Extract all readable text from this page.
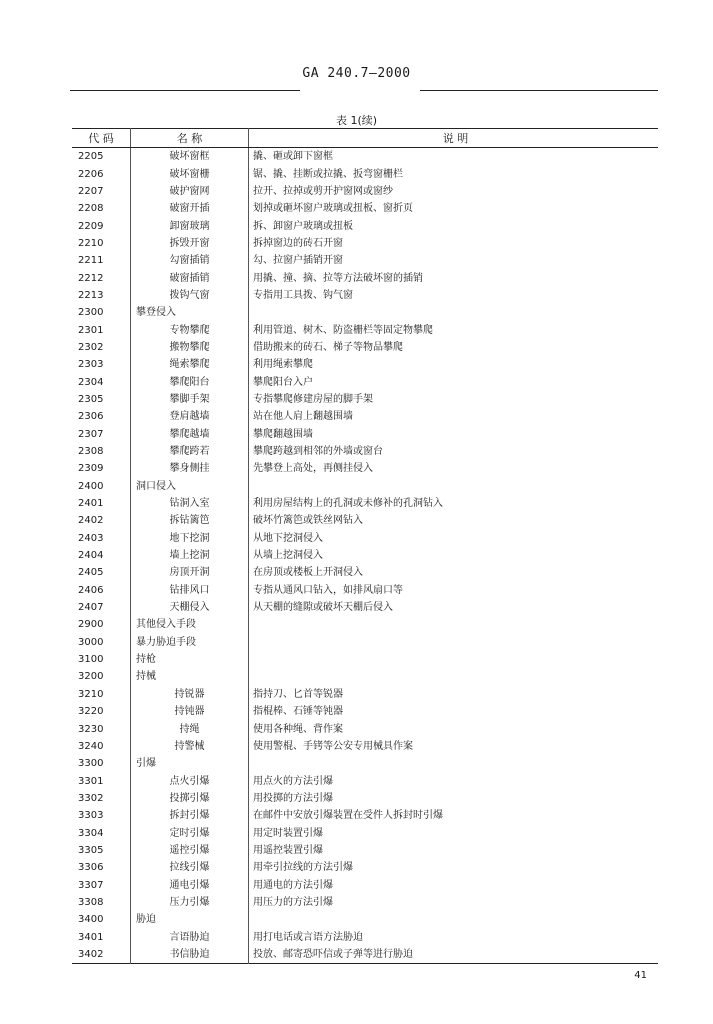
GA 240.7—2000
表 1(续)
代 码	名 称	说 明
2205	破坏窗框	撬、砸或卸下窗框
2206	破坏窗栅	锯、撬、挂断或拉撬、扳弯窗栅栏
2207	破护窗网	拉开、拉掉或剪开护窗网或窗纱
2208	破窗开插	划掉或砸坏窗户玻璃或扭板、窗折页
2209	卸窗玻璃	拆、卸窗户玻璃或扭板
2210	拆毁开窗	拆掉窗边的砖石开窗
2211	勾窗插销	勾、拉窗户插销开窗
2212	破窗插销	用撬、撞、摘、拉等方法破坏窗的插销
2213	拨钩气窗	专指用工具拨、钩气窗
2300	攀登侵入	

2301	专物攀爬	利用管道、树木、防盗栅栏等固定物攀爬
2302	搬物攀爬	借助搬来的砖石、梯子等物品攀爬
2303	绳索攀爬	利用绳索攀爬
2304	攀爬阳台	攀爬阳台入户
2305	攀脚手架	专指攀爬修建房屋的脚手架
2306	登肩越墙	站在他人肩上翻越围墙
2307	攀爬越墙	攀爬翻越围墙
2308	攀爬跨若	攀爬跨越到相邻的外墙或窗台
2309	攀身侧挂	先攀登上高处，再侧挂侵入
2400	洞口侵入	

2401	钻洞入室	利用房屋结构上的孔洞或未修补的孔洞钻入
2402	拆钻篱笆	破坏竹篱笆或铁丝网钻入
2403	地下挖洞	从地下挖洞侵入
2404	墙上挖洞	从墙上挖洞侵入
2405	房顶开洞	在房顶或楼板上开洞侵入
2406	钻排风口	专指从通风口钻入，如排风扇口等
2407	天棚侵入	从天棚的缝隙或破坏天棚后侵入
2900	其他侵入手段	

3000	暴力胁迫手段	

3100	持枪	

3200	持械	

3210	持锐器	指持刀、匕首等锐器
3220	持钝器	指棍棒、石锤等钝器
3230	持绳	使用各种绳、背作案
3240	持警械	使用警棍、手铐等公安专用械具作案
3300	引爆	

3301	点火引爆	用点火的方法引爆
3302	投掷引爆	用投掷的方法引爆
3303	拆封引爆	在邮件中安放引爆装置在受件人拆封时引爆
3304	定时引爆	用定时装置引爆
3305	遥控引爆	用遥控装置引爆
3306	拉线引爆	用牵引拉线的方法引爆
3307	通电引爆	用通电的方法引爆
3308	压力引爆	用压力的方法引爆
3400	胁迫	

3401	言语胁迫	用打电话或言语方法胁迫
3402	书信胁迫	投放、邮寄恐吓信或子弹等进行胁迫
41
